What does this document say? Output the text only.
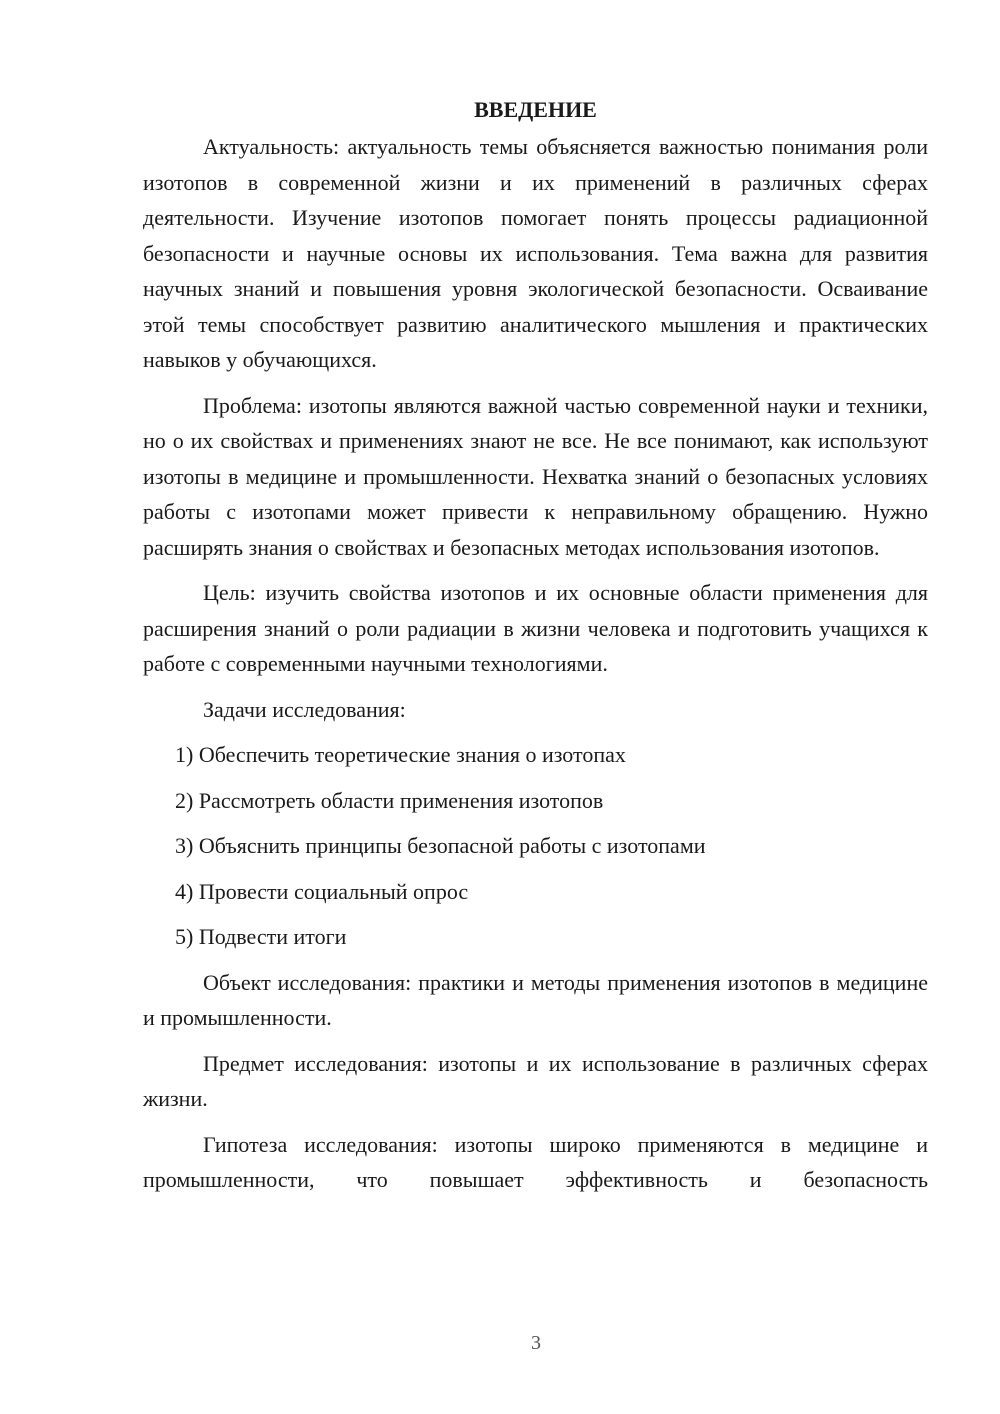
ВВЕДЕНИЕ

Актуальность: актуальность темы объясняется важностью понимания роли изотопов в современной жизни и их применений в различных сферах деятельности. Изучение изотопов помогает понять процессы радиационной безопасности и научные основы их использования. Тема важна для развития научных знаний и повышения уровня экологической безопасности. Осваивание этой темы способствует развитию аналитического мышления и практических навыков у обучающихся.

Проблема: изотопы являются важной частью современной науки и техники, но о их свойствах и применениях знают не все. Не все понимают, как используют изотопы в медицине и промышленности. Нехватка знаний о безопасных условиях работы с изотопами может привести к неправильному обращению. Нужно расширять знания о свойствах и безопасных методах использования изотопов.

Цель: изучить свойства изотопов и их основные области применения для расширения знаний о роли радиации в жизни человека и подготовить учащихся к работе с современными научными технологиями.

Задачи исследования:

1) Обеспечить теоретические знания о изотопах

2) Рассмотреть области применения изотопов

3) Объяснить принципы безопасной работы с изотопами

4) Провести социальный опрос

5) Подвести итоги

Объект исследования: практики и методы применения изотопов в медицине и промышленности.

Предмет исследования: изотопы и их использование в различных сферах жизни.

Гипотеза исследования: изотопы широко применяются в медицине и промышленности, что повышает эффективность и безопасность

3
